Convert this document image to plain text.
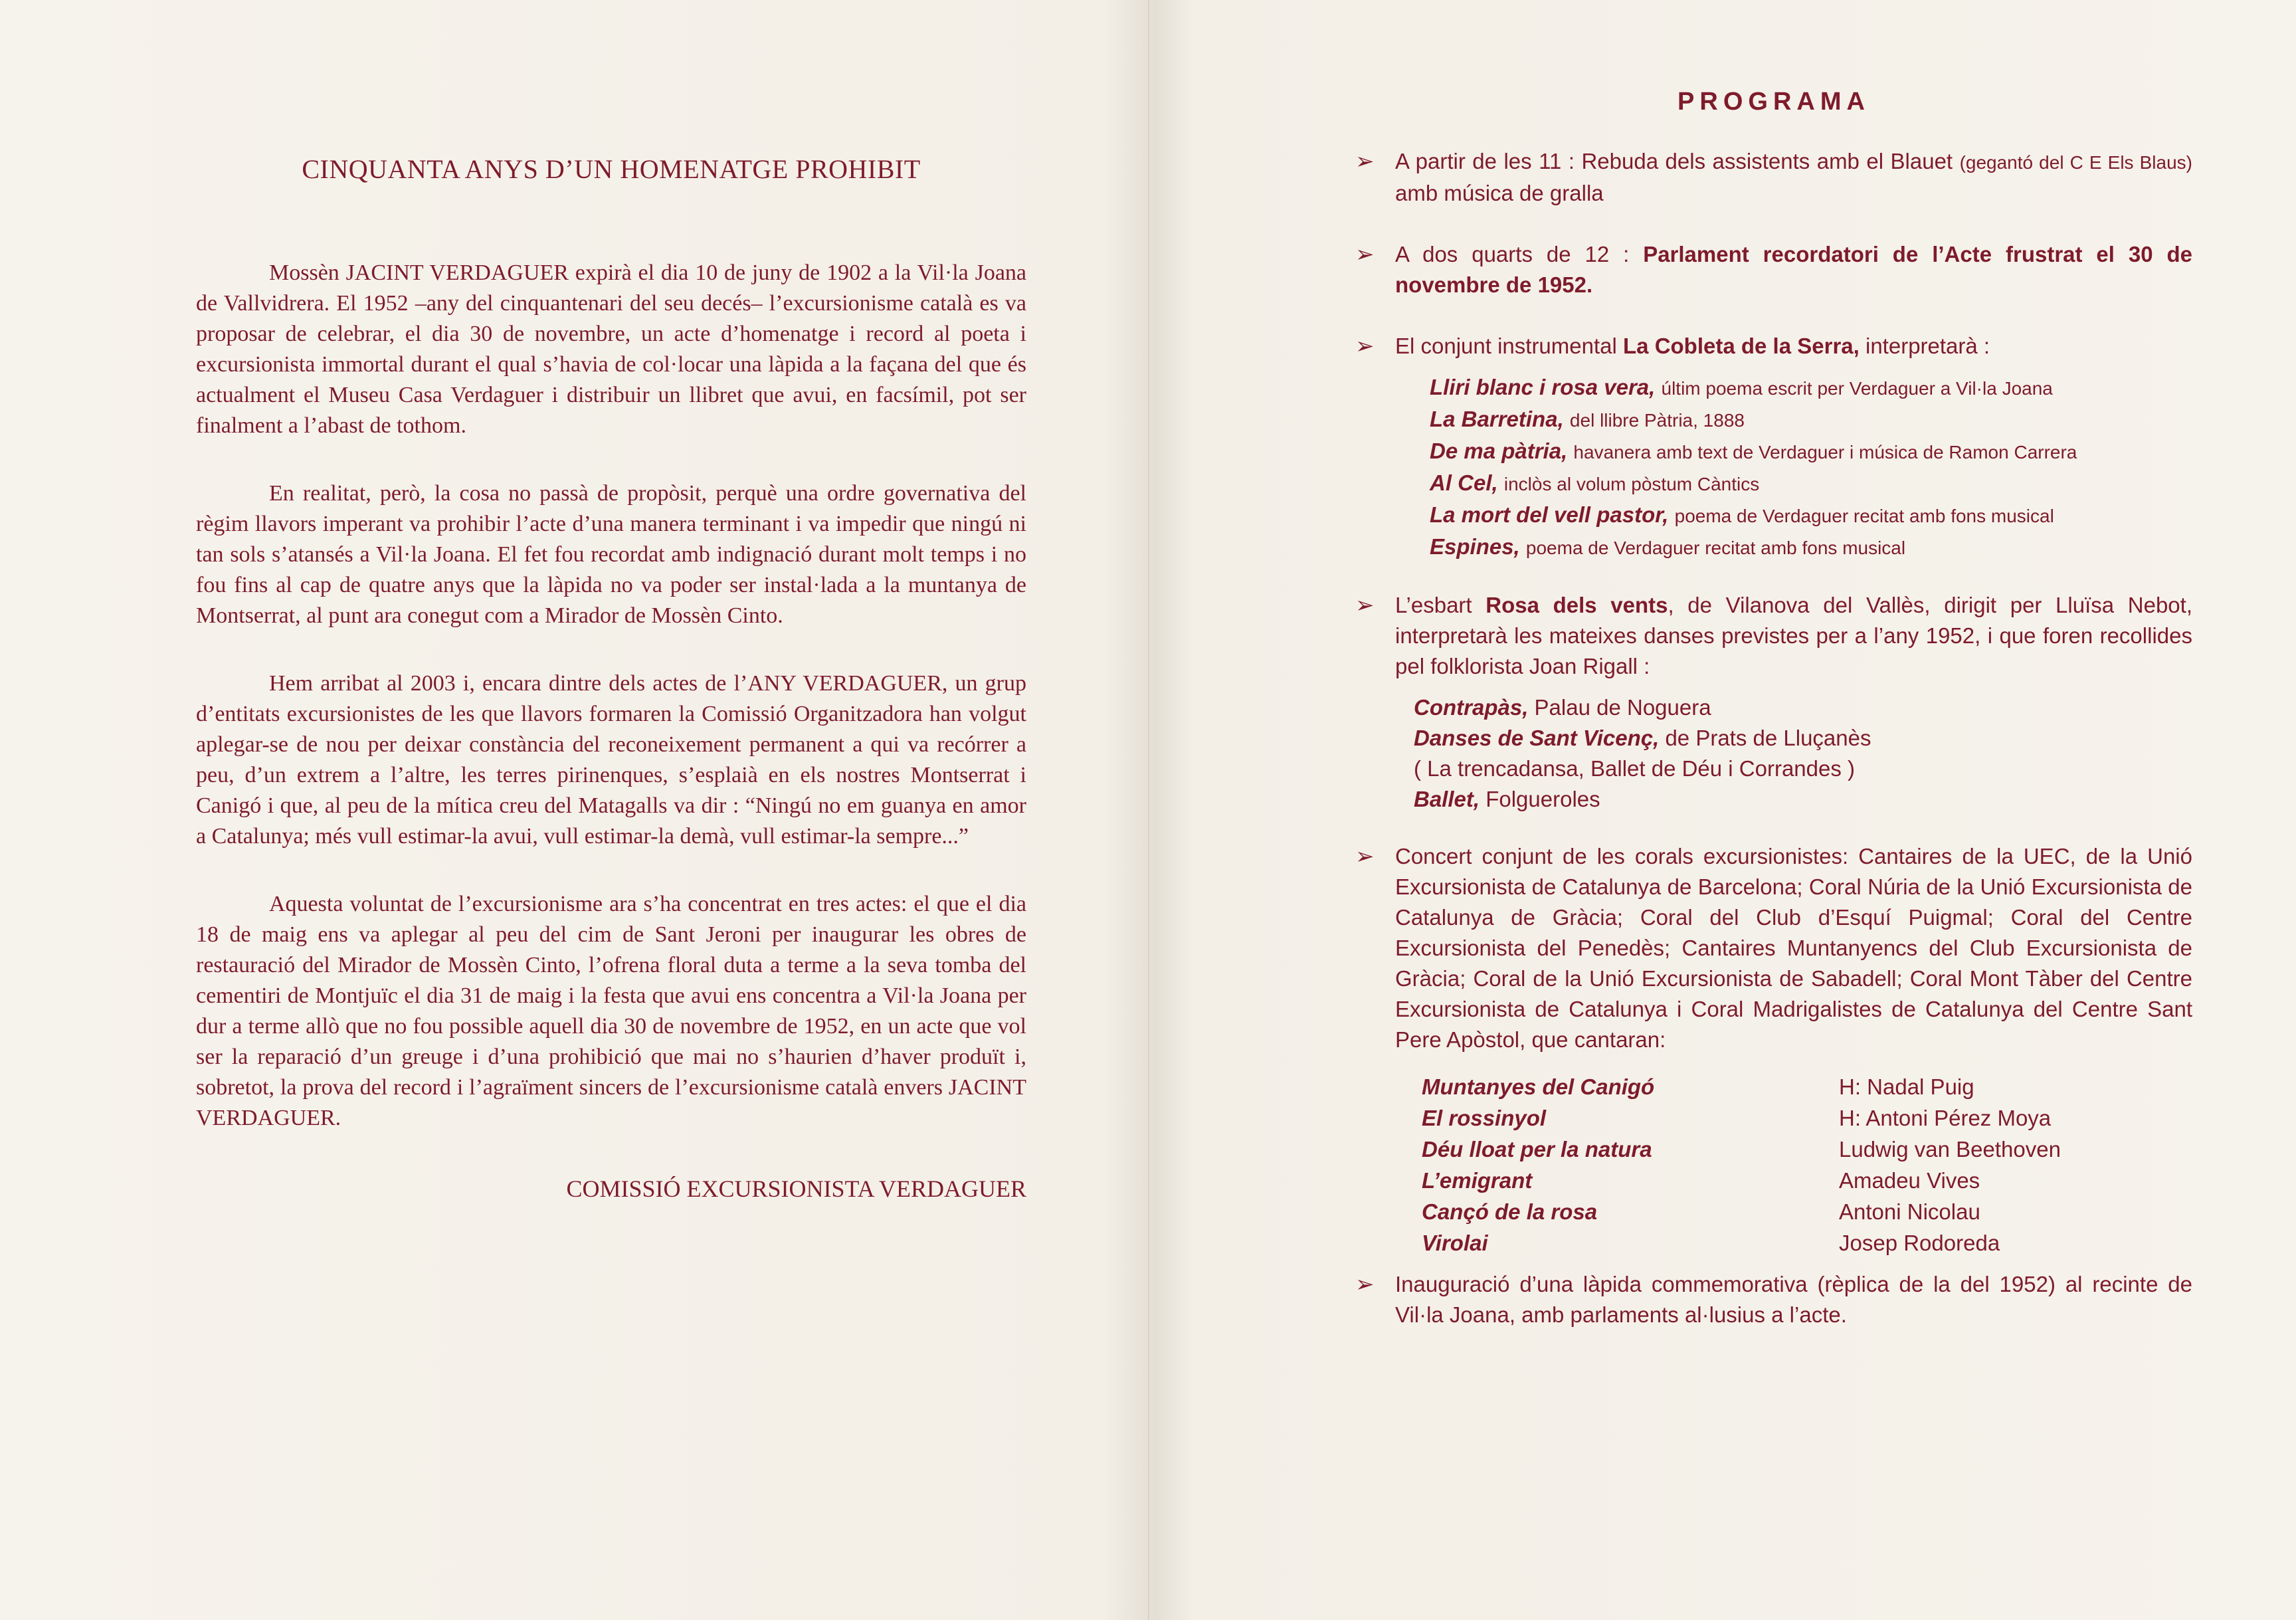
CINQUANTA ANYS D’UN HOMENATGE PROHIBIT

Mossèn JACINT VERDAGUER expirà el dia 10 de juny de 1902 a la Vil·la Joana de Vallvidrera. El 1952 –any del cinquantenari del seu decés– l’excursionisme català es va proposar de celebrar, el dia 30 de novembre, un acte d’homenatge i record al poeta i excursionista immortal durant el qual s’havia de col·locar una làpida a la façana del que és actualment el Museu Casa Verdaguer i distribuir un llibret que avui, en facsímil, pot ser finalment a l’abast de tothom.

En realitat, però, la cosa no passà de propòsit, perquè una ordre governativa del règim llavors imperant va prohibir l’acte d’una manera terminant i va impedir que ningú ni tan sols s’atansés a Vil·la Joana. El fet fou recordat amb indignació durant molt temps i no fou fins al cap de quatre anys que la làpida no va poder ser instal·lada a la muntanya de Montserrat, al punt ara conegut com a Mirador de Mossèn Cinto.

Hem arribat al 2003 i, encara dintre dels actes de l’ANY VERDAGUER, un grup d’entitats excursionistes de les que llavors formaren la Comissió Organitzadora han volgut aplegar-se de nou per deixar constància del reconeixement permanent a qui va recórrer a peu, d’un extrem a l’altre, les terres pirinenques, s’esplaià en els nostres Montserrat i Canigó i que, al peu de la mítica creu del Matagalls va dir : “Ningú no em guanya en amor a Catalunya; més vull estimar-la avui, vull estimar-la demà, vull estimar-la sempre...”

Aquesta voluntat de l’excursionisme ara s’ha concentrat en tres actes: el que el dia 18 de maig ens va aplegar al peu del cim de Sant Jeroni per inaugurar les obres de restauració del Mirador de Mossèn Cinto, l’ofrena floral duta a terme a la seva tomba del cementiri de Montjuïc el dia 31 de maig i la festa que avui ens concentra a Vil·la Joana per dur a terme allò que no fou possible aquell dia 30 de novembre de 1952, en un acte que vol ser la reparació d’un greuge i d’una prohibició que mai no s’haurien d’haver produït i, sobretot, la prova del record i l’agraïment sincers de l’excursionisme català envers JACINT VERDAGUER.

COMISSIÓ EXCURSIONISTA VERDAGUER
PROGRAMA
➢ A partir de les 11 : Rebuda dels assistents amb el Blauet (gegantó del C E Els Blaus) amb música de gralla
➢ A dos quarts de 12 : Parlament recordatori de l’Acte frustrat el 30 de novembre de 1952.
➢ El conjunt instrumental La Cobleta de la Serra, interpretarà :
Lliri blanc i rosa vera, últim poema escrit per Verdaguer a Vil·la Joana
La Barretina, del llibre Pàtria, 1888
De ma pàtria, havanera amb text de Verdaguer i música de Ramon Carrera
Al Cel, inclòs al volum pòstum Càntics
La mort del vell pastor, poema de Verdaguer recitat amb fons musical
Espines, poema de Verdaguer recitat amb fons musical
➢ L’esbart Rosa dels vents, de Vilanova del Vallès, dirigit per Lluïsa Nebot, interpretarà les mateixes danses previstes per a l’any 1952, i que foren recollides pel folklorista Joan Rigall :
Contrapàs, Palau de Noguera
Danses de Sant Vicenç, de Prats de Lluçanès
( La trencadansa, Ballet de Déu i Corrandes )
Ballet, Folgueroles
➢ Concert conjunt de les corals excursionistes: Cantaires de la UEC, de la Unió Excursionista de Catalunya de Barcelona; Coral Núria de la Unió Excursionista de Catalunya de Gràcia; Coral del Club d’Esquí Puigmal; Coral del Centre Excursionista del Penedès; Cantaires Muntanyencs del Club Excursionista de Gràcia; Coral de la Unió Excursionista de Sabadell; Coral Mont Tàber del Centre Excursionista de Catalunya i Coral Madrigalistes de Catalunya del Centre Sant Pere Apòstol, que cantaran:
Muntanyes del Canigó
El rossinyol
Déu lloat per la natura
L’emigrant
Cançó de la rosa
Virolai
H: Nadal Puig
H: Antoni Pérez Moya
Ludwig van Beethoven
Amadeu Vives
Antoni Nicolau
Josep Rodoreda
➢ Inauguració d’una làpida commemorativa (rèplica de la del 1952) al recinte de Vil·la Joana, amb parlaments al·lusius a l’acte.
